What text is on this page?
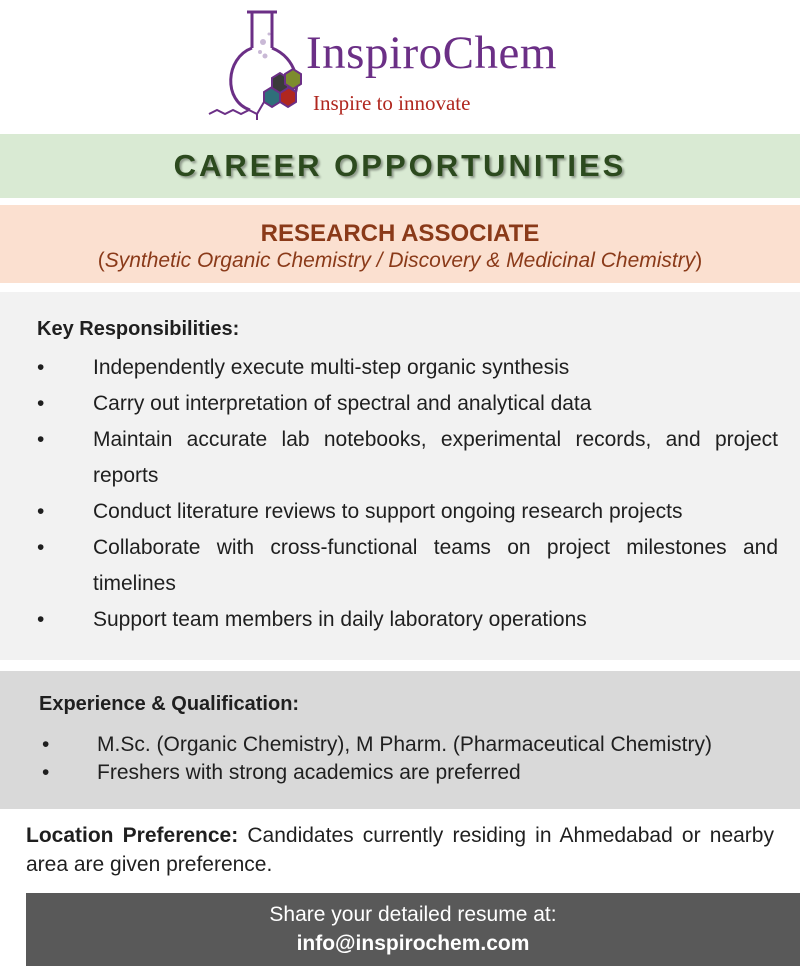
InspiroChem
Inspire to innovate
CAREER OPPORTUNITIES
RESEARCH ASSOCIATE
(Synthetic Organic Chemistry / Discovery & Medicinal Chemistry)
Key Responsibilities:
•	Independently execute multi-step organic synthesis
•	Carry out interpretation of spectral and analytical data
•	Maintain accurate lab notebooks, experimental records, and project reports
•	Conduct literature reviews to support ongoing research projects
•	Collaborate with cross-functional teams on project milestones and timelines
•	Support team members in daily laboratory operations
Experience & Qualification:
• M.Sc. (Organic Chemistry), M Pharm. (Pharmaceutical Chemistry)
• Freshers with strong academics are preferred
Location Preference: Candidates currently residing in Ahmedabad or nearby area are given preference.
Share your detailed resume at:
info@inspirochem.com
